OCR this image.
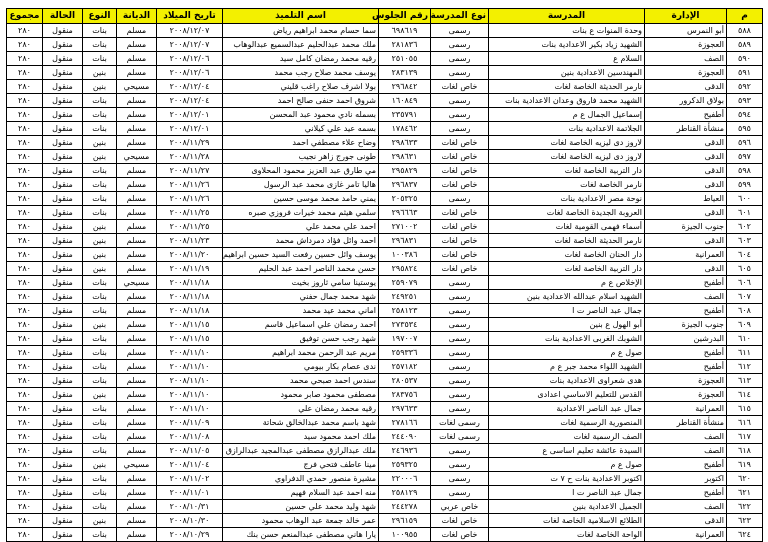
م	الإدارة	المدرسة	نوع المدرسة	رقم الجلوس	اسم التلميذ	تاريخ الميلاد	الديانة	النوع	الحالة	مجموع
٥٨٨	أبو النمرس	وحدة المنوات ع بنات	رسمى	٦٩٨٦١٩	سما حسام محمد ابراهيم رياض	٢٠٠٨/١٢/٠٧	مسلم	بنات	منقول	٢٨٠
٥٨٩	العجوزة	الشهيد زياد بكير الاعدادية بنات	رسمى	٢٨١٨٣٦	ملك محمد عبدالحليم عبدالسميع عبدالوهاب	٢٠٠٨/١٢/٠٧	مسلم	بنات	منقول	٢٨٠
٥٩٠	الصف	السلام ع	رسمى	٢٥١٠٥٥	رقيه محمد رمضان كامل سيد	٢٠٠٨/١٢/٠٦	مسلم	بنات	منقول	٢٨٠
٥٩١	العجوزة	المهندسين الاعدادية بنين	رسمى	٢٨٣١٣٩	يوسف محمد صلاح رجب محمد	٢٠٠٨/١٢/٠٦	مسلم	بنين	منقول	٢٨٠
٥٩٢	الدقى	نارمر الحديثة الخاصة لغات	خاص لغات	٢٩٦٨٤٢	بولا اشرف صلاح راغب قليني	٢٠٠٨/١٢/٠٤	مسيحي	بنين	منقول	٢٨٠
٥٩٣	بولاق الدكرور	الشهيد محمد فاروق وعدان الاعدادية بنات	رسمى	١٦٠٨٤٩	شروق احمد حنفى صالح احمد	٢٠٠٨/١٢/٠٤	مسلم	بنات	منقول	٢٨٠
٥٩٤	أطفيح	إسماعيل الجمال ع م	رسمى	٢٣٥٧٩١	بسمله نادي محمود عبد المحسن	٢٠٠٨/١٢/٠١	مسلم	بنات	منقول	٢٨٠
٥٩٥	منشأة القناطر	الجلاتمة الاعدادية بنات	رسمى	١٧٨٤٦٢	بسمه عيد علي كيلاني	٢٠٠٨/١٢/٠١	مسلم	بنات	منقول	٢٨٠
٥٩٦	الدقى	لاروز دى ليزيه الخاصة لغات	خاص لغات	٢٩٨٦٣٣	وضاح علاء مصطفي احمد	٢٠٠٨/١١/٢٩	مسلم	بنين	منقول	٢٨٠
٥٩٧	الدقى	لاروز دى ليزيه الخاصة لغات	خاص لغات	٢٩٨٦٣١	طونى جورج زاهر نجيب	٢٠٠٨/١١/٢٨	مسيحي	بنين	منقول	٢٨٠
٥٩٨	الدقى	دار التربية الخاصة لغات	خاص لغات	٢٩٥٨٢٩	مي طارق عبد العزيز محمود المحلاوى	٢٠٠٨/١١/٢٧	مسلم	بنات	منقول	٢٨٠
٥٩٩	الدقى	نارمر الخاصة لغات	خاص لغات	٢٩٦٨٣٧	هاليا تامر غازى محمد عبد الرسول	٢٠٠٨/١١/٢٦	مسلم	بنات	منقول	٢٨٠
٦٠٠	العياط	نوحة مصر الاعدادية بنات	رسمى	٢٠٥٣٢٥	يمني حامد محمد موسى حسين	٢٠٠٨/١١/٢٦	مسلم	بنات	منقول	٢٨٠
٦٠١	الدقى	العروبة الجديدة الخاصة لغات	خاص لغات	٢٩٦٦٦٣	سلمي هيثم محمد خيرات فروزي صبره	٢٠٠٨/١١/٢٥	مسلم	بنات	منقول	٢٨٠
٦٠٢	جنوب الجيزة	أسماء فهمى القومية لغات	خاص لغات	٢٧١٠٠٢	احمد علي محمد علي	٢٠٠٨/١١/٢٥	مسلم	بنين	منقول	٢٨٠
٦٠٣	الدقى	نارمر الحديثة الخاصة لغات	خاص لغات	٢٩٦٨٣١	احمد وائل فؤاد دمرداش محمد	٢٠٠٨/١١/٢٣	مسلم	بنين	منقول	٢٨٠
٦٠٤	العمرانية	دار الحنان الخاصة لغات	خاص لغات	١٠٠٣٨٦	يوسف وائل حسين رفعت السيد حسين ابراهيم	٢٠٠٨/١١/٢٠	مسلم	بنين	منقول	٢٨٠
٦٠٥	الدقى	دار التربية الخاصة لغات	خاص لغات	٢٩٥٨٢٤	حسن محمد الناصر احمد عبد الحليم	٢٠٠٨/١١/١٩	مسلم	بنين	منقول	٢٨٠
٦٠٦	أطفيح	الإخلاص ع م	رسمى	٢٥٩٠٧٩	يوستينا سامي ثاروز بخيت	٢٠٠٨/١١/١٨	مسيحي	بنات	منقول	٢٨٠
٦٠٧	الصف	الشهيد اسلام عبدالله الاعدادية بنين	رسمى	٢٤٩٢٥١	شهد محمد جمال حفني	٢٠٠٨/١١/١٨	مسلم	بنات	منقول	٢٨٠
٦٠٨	أطفيح	جمال عبد الناصر ت ا	رسمى	٢٥٨١٢٣	اماني محمد عيد محمد	٢٠٠٨/١١/١٨	مسلم	بنات	منقول	٢٨٠
٦٠٩	جنوب الجيزة	أبو الهول ع بنين	رسمى	٢٧٣٥٣٤	احمد رمضان علي اسماعيل قاسم	٢٠٠٨/١١/١٥	مسلم	بنين	منقول	٢٨٠
٦١٠	البدرشين	الشوبك الغربى الاعدادية بنات	رسمى	١٩٧٠٠٧	شهد رجب حسن توفيق	٢٠٠٨/١١/١٥	مسلم	بنات	منقول	٢٨٠
٦١١	أطفيح	صول ع م	رسمى	٢٥٩٣٣٦	مريم عبد الرحمن محمد ابراهيم	٢٠٠٨/١١/١٠	مسلم	بنات	منقول	٢٨٠
٦١٢	أطفيح	الشهيد اللواء محمد جبر ع م	رسمى	٢٥٧١٨٢	ندى عصام بكار بيومي	٢٠٠٨/١١/١٠	مسلم	بنات	منقول	٢٨٠
٦١٣	العجوزة	هدى شعراوى الاعدادية بنات	رسمى	٢٨٠٥٣٧	سندس احمد صبحي محمد	٢٠٠٨/١١/١٠	مسلم	بنات	منقول	٢٨٠
٦١٤	العجوزة	القدس للتعليم الاساسي اعدادى	رسمى	٢٨٣٧٥٦	مصطفى محمود صابر محمود	٢٠٠٨/١١/١٠	مسلم	بنين	منقول	٢٨٠
٦١٥	العمرانية	جمال عبد الناصر الاعدادية	رسمى	٢٩٧٦٣٣	رقيه محمد رمضان علي	٢٠٠٨/١١/١٠	مسلم	بنات	منقول	٢٨٠
٦١٦	منشأة القناطر	المنصورية الرسمية لغات	رسمى لغات	٢٧٨١٦٦	شهد باسم محمد عبدالخالق شحاتة	٢٠٠٨/١١/٠٩	مسلم	بنات	منقول	٢٨٠
٦١٧	الصف	الصف الرسمية لغات	رسمى لغات	٢٤٤٠٩٠	ملك احمد محمود سيد	٢٠٠٨/١١/٠٨	مسلم	بنات	منقول	٢٨٠
٦١٨	الصف	السيدة عائشة تعليم اساسى ع	رسمى	٢٤٦٩٣٦	ملك عبدالرازق مصطفى عبدالمجيد عبدالرازق	٢٠٠٨/١١/٠٥	مسلم	بنات	منقول	٢٨٠
٦١٩	أطفيح	صول ع م	رسمى	٢٥٩٣٢٥	مينا عاطف فتحي فرج	٢٠٠٨/١١/٠٤	مسيحي	بنين	منقول	٢٨٠
٦٢٠	اكتوبر	اكتوبر الاعدادية بنات ح ٧ ت	رسمى	٢٢٠٠٠٦	مشيرة منصور حمدي الدفراوي	٢٠٠٨/١١/٠٢	مسلم	بنات	منقول	٢٨٠
٦٢١	أطفيح	جمال عبد الناصر ت ا	رسمى	٢٥٨١٢٩	منه احمد عبد السلام فهيم	٢٠٠٨/١١/٠١	مسلم	بنات	منقول	٢٨٠
٦٢٢	الصف	الجميل الاعدادية بنين	خاص عربي	٢٤٤٢٧٨	شهد وليد محمد علي حسين	٢٠٠٨/١٠/٣١	مسلم	بنات	منقول	٢٨٠
٦٢٣	الدقى	الطلائع الاسلامية الخاصة لغات	خاص لغات	٢٩٦١٥٩	عمر خالد جمعة عبد الوهاب محمود	٢٠٠٨/١٠/٣٠	مسلم	بنين	منقول	٢٨٠
٦٢٤	العمرانية	الواحة الخاصة لغات	خاص لغات	١٠٠٩٥٥	يارا هاني مصطفى عبدالمنعم حسن بنك	٢٠٠٨/١٠/٢٩	مسلم	بنات	منقول	٢٨٠
